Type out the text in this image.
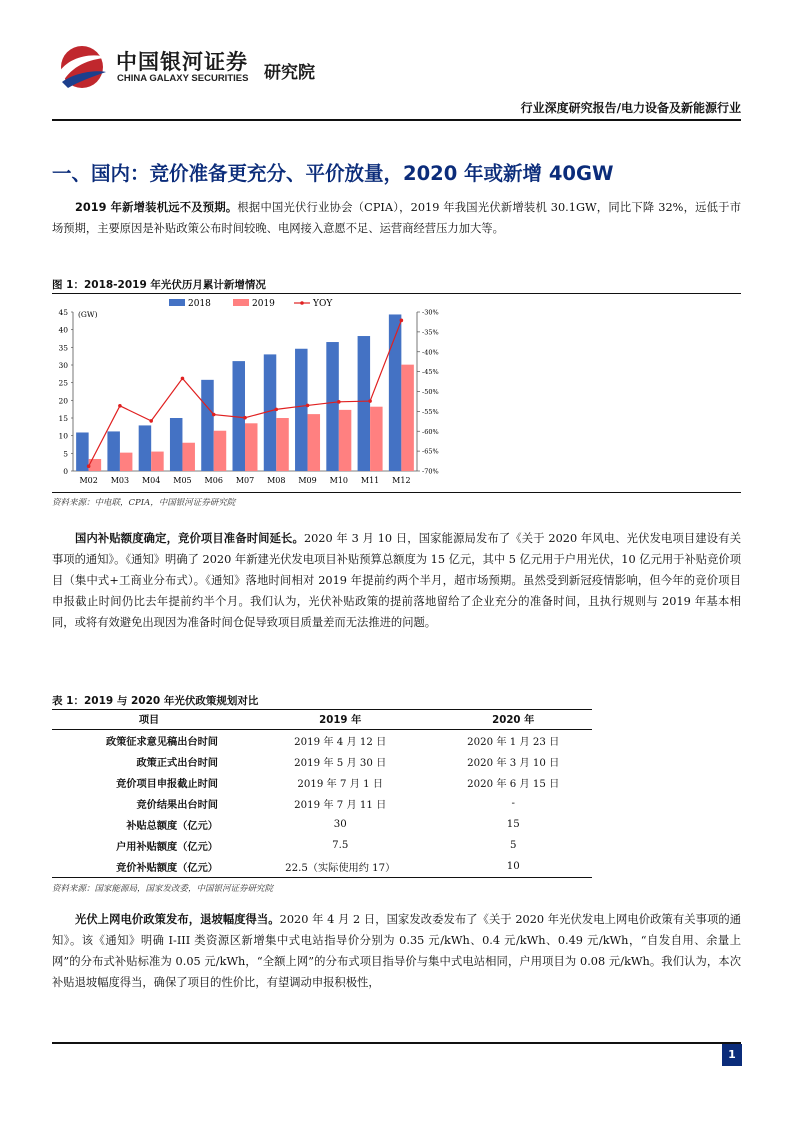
中国银河证券
CHINA GALAXY SECURITIES 研究院
行业深度研究报告/电力设备及新能源行业
一、国内：竞价准备更充分、平价放量，2020 年或新增 40GW

2019 年新增装机远不及预期。根据中国光伏行业协会（CPIA），2019 年我国光伏新增装机 30.1GW，同比下降 32%，远低于市场预期，主要原因是补贴政策公布时间较晚、电网接入意愿不足、运营商经营压力加大等。

图 1：2018-2019 年光伏历月累计新增情况
(GW)
2018	2019	YOY
0
5
10
15
20
25
30
35
40
45
-70%
-65%
-60%
-55%
-50%
-45%
-40%
-35%
-30%
M02 M03 M04 M05 M06 M07 M08 M09 M10 M11 M12
资料来源：中电联，CPIA，中国银河证券研究院

国内补贴额度确定，竞价项目准备时间延长。2020 年 3 月 10 日，国家能源局发布了《关于 2020 年风电、光伏发电项目建设有关事项的通知》。《通知》明确了 2020 年新建光伏发电项目补贴预算总额度为 15 亿元，其中 5 亿元用于户用光伏，10 亿元用于补贴竞价项目（集中式+工商业分布式）。《通知》落地时间相对 2019 年提前约两个半月，超市场预期。虽然受到新冠疫情影响，但今年的竞价项目申报截止时间仍比去年提前约半个月。我们认为，光伏补贴政策的提前落地留给了企业充分的准备时间，且执行规则与 2019 年基本相同，或将有效避免出现因为准备时间仓促导致项目质量差而无法推进的问题。

表 1：2019 与 2020 年光伏政策规划对比
项目	2019 年	2020 年
政策征求意见稿出台时间	2019 年 4 月 12 日	2020 年 1 月 23 日
政策正式出台时间	2019 年 5 月 30 日	2020 年 3 月 10 日
竞价项目申报截止时间	2019 年 7 月 1 日	2020 年 6 月 15 日
竞价结果出台时间	2019 年 7 月 11 日	-
补贴总额度（亿元）	30	15
户用补贴额度（亿元）	7.5	5
竞价补贴额度（亿元）	22.5（实际使用约 17）	10
资料来源：国家能源局，国家发改委，中国银河证券研究院

光伏上网电价政策发布，退坡幅度得当。2020 年 4 月 2 日，国家发改委发布了《关于 2020 年光伏发电上网电价政策有关事项的通知》。该《通知》明确 I-III 类资源区新增集中式电站指导价分别为 0.35 元/kWh、0.4 元/kWh、0.49 元/kWh，“自发自用、余量上网”的分布式补贴标准为 0.05 元/kWh，“全额上网”的分布式项目指导价与集中式电站相同，户用项目为 0.08 元/kWh。我们认为，本次补贴退坡幅度得当，确保了项目的性价比，有望调动申报积极性，

1
